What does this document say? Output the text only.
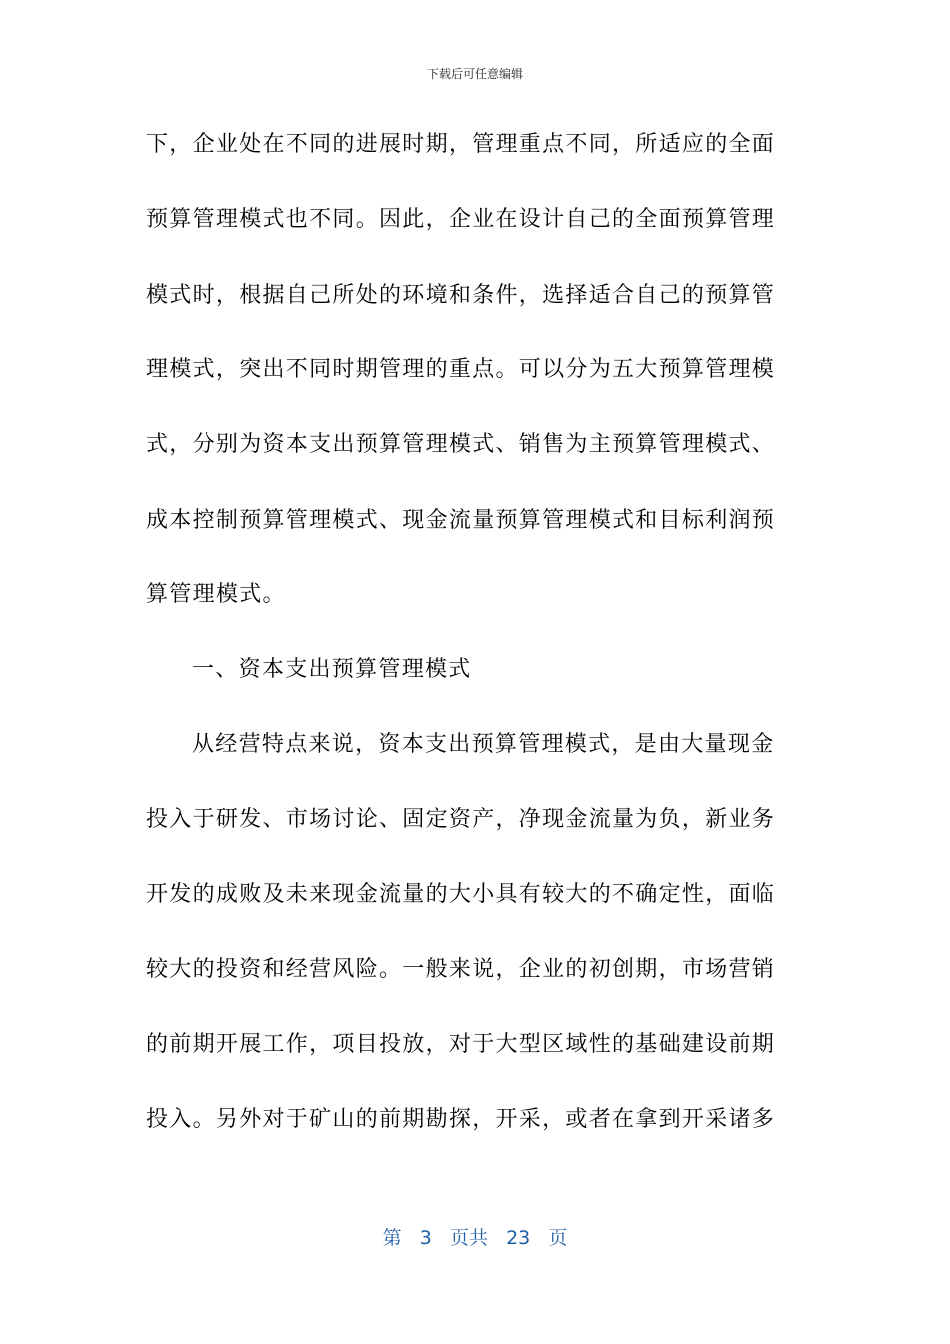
下载后可任意编辑
下，企业处在不同的进展时期，管理重点不同，所适应的全面
预算管理模式也不同。因此，企业在设计自己的全面预算管理
模式时，根据自己所处的环境和条件，选择适合自己的预算管
理模式，突出不同时期管理的重点。可以分为五大预算管理模
式，分别为资本支出预算管理模式、销售为主预算管理模式、
成本控制预算管理模式、现金流量预算管理模式和目标利润预
算管理模式。
一、资本支出预算管理模式
从经营特点来说，资本支出预算管理模式，是由大量现金
投入于研发、市场讨论、固定资产，净现金流量为负，新业务
开发的成败及未来现金流量的大小具有较大的不确定性，面临
较大的投资和经营风险。一般来说，企业的初创期，市场营销
的前期开展工作，项目投放，对于大型区域性的基础建设前期
投入。另外对于矿山的前期勘探，开采，或者在拿到开采诸多
第 3 页共 23 页
